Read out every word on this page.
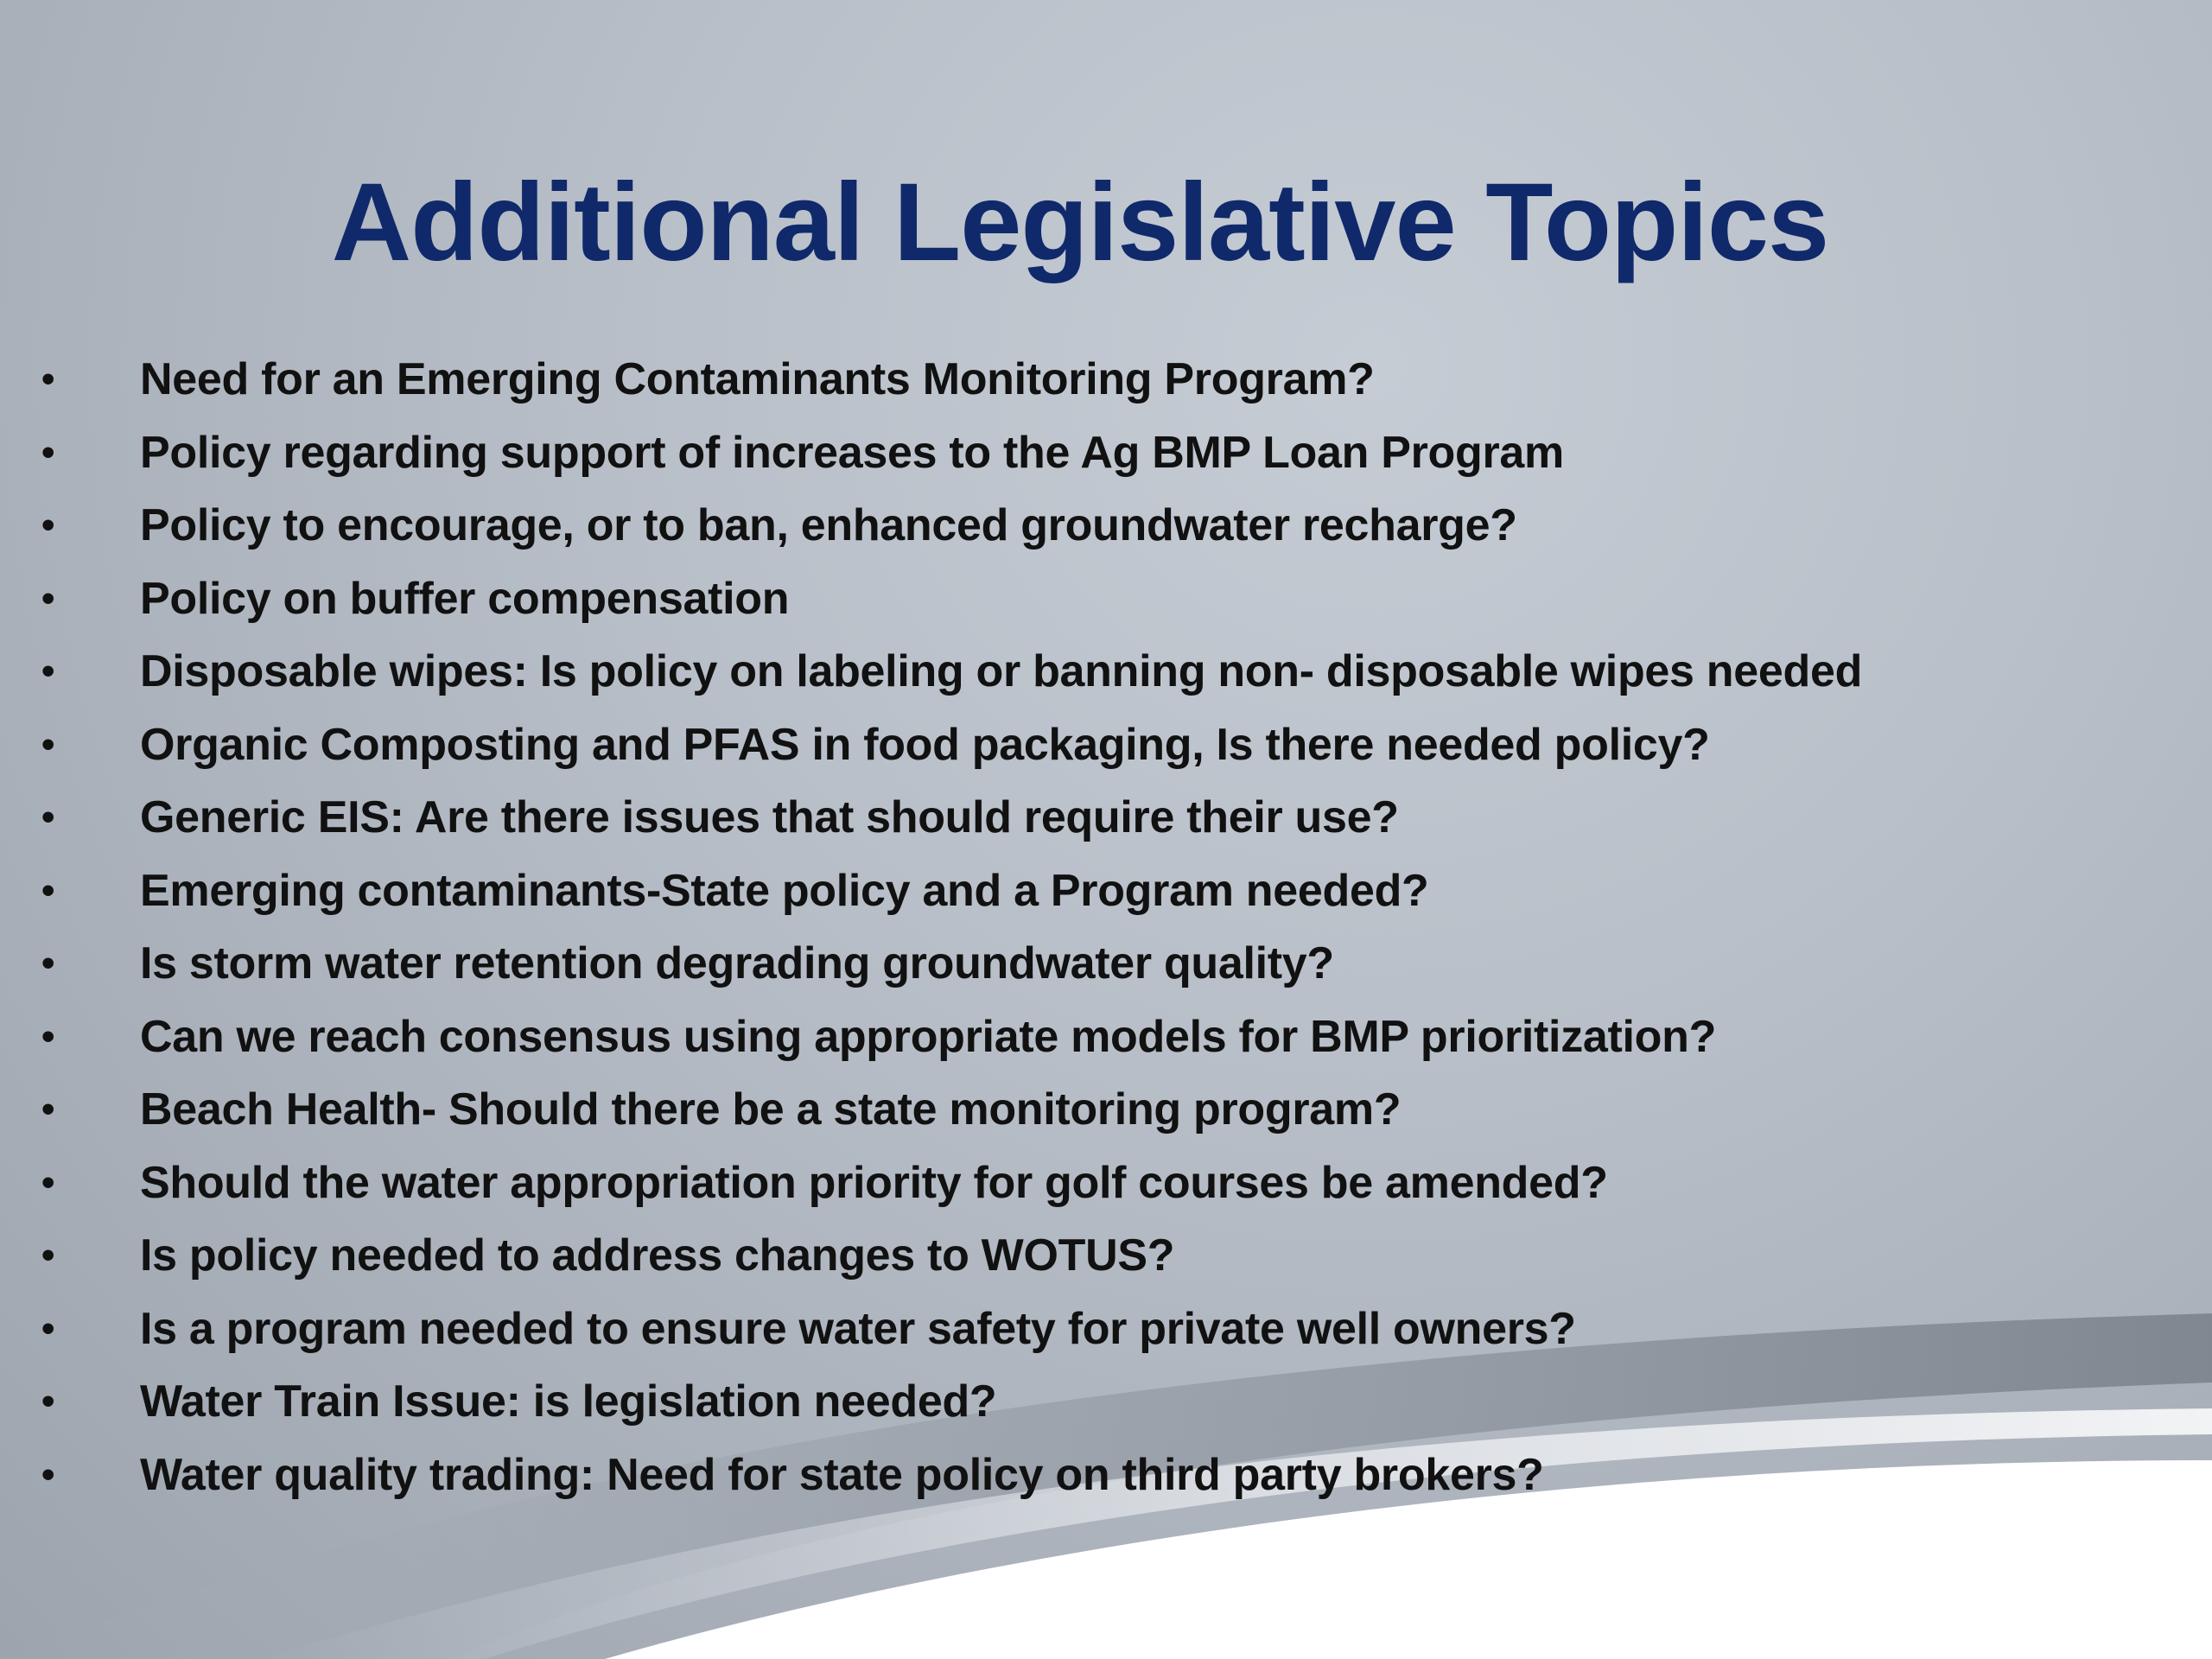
Additional Legislative Topics
• Need for an Emerging Contaminants Monitoring Program?
• Policy regarding support of increases to the Ag BMP Loan Program
• Policy to encourage, or to ban, enhanced groundwater recharge?
• Policy on buffer compensation
• Disposable wipes: Is policy on labeling or banning non- disposable wipes needed
• Organic Composting and PFAS in food packaging, Is there needed policy?
• Generic EIS: Are there issues that should require their use?
• Emerging contaminants-State policy and a Program needed?
• Is storm water retention degrading groundwater quality?
• Can we reach consensus using appropriate models for BMP prioritization?
• Beach Health- Should there be a state monitoring program?
• Should the water appropriation priority for golf courses be amended?
• Is policy needed to address changes to WOTUS?
• Is a program needed to ensure water safety for private well owners?
• Water Train Issue: is legislation needed?
• Water quality trading: Need for state policy on third party brokers?
